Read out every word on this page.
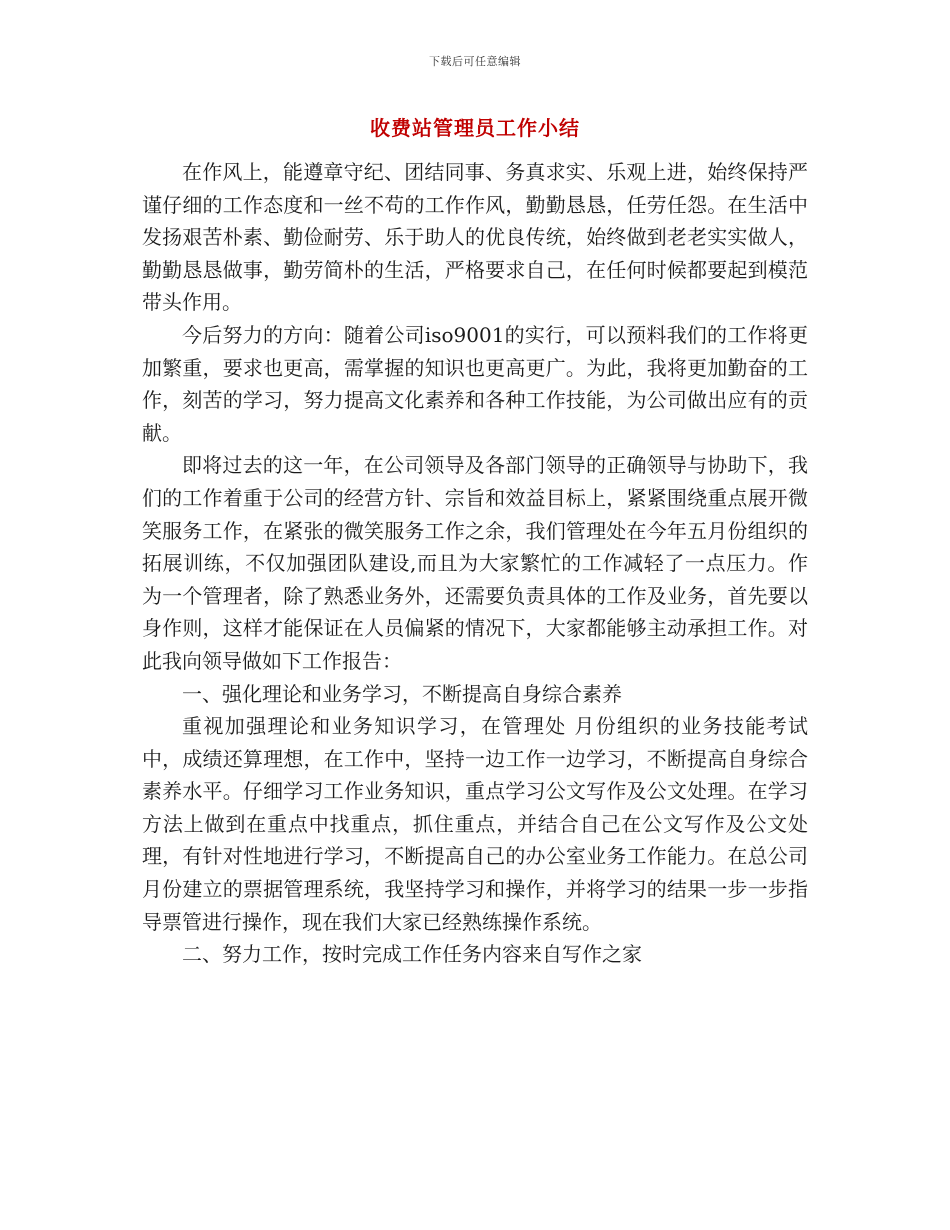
下载后可任意编辑
收费站管理员工作小结

在作风上，能遵章守纪、团结同事、务真求实、乐观上进，始终保持严谨仔细的工作态度和一丝不苟的工作作风，勤勤恳恳，任劳任怨。在生活中发扬艰苦朴素、勤俭耐劳、乐于助人的优良传统，始终做到老老实实做人，勤勤恳恳做事，勤劳简朴的生活，严格要求自己，在任何时候都要起到模范带头作用。

今后努力的方向：随着公司iso9001的实行，可以预料我们的工作将更加繁重，要求也更高，需掌握的知识也更高更广。为此，我将更加勤奋的工作，刻苦的学习，努力提高文化素养和各种工作技能，为公司做出应有的贡献。

即将过去的这一年，在公司领导及各部门领导的正确领导与协助下，我们的工作着重于公司的经营方针、宗旨和效益目标上，紧紧围绕重点展开微笑服务工作，在紧张的微笑服务工作之余，我们管理处在今年五月份组织的拓展训练，不仅加强团队建设,而且为大家繁忙的工作减轻了一点压力。作为一个管理者，除了熟悉业务外，还需要负责具体的工作及业务，首先要以身作则，这样才能保证在人员偏紧的情况下，大家都能够主动承担工作。对此我向领导做如下工作报告：

一、强化理论和业务学习，不断提高自身综合素养

重视加强理论和业务知识学习，在管理处 月份组织的业务技能考试中，成绩还算理想，在工作中，坚持一边工作一边学习，不断提高自身综合素养水平。仔细学习工作业务知识，重点学习公文写作及公文处理。在学习方法上做到在重点中找重点，抓住重点，并结合自己在公文写作及公文处理，有针对性地进行学习，不断提高自己的办公室业务工作能力。在总公司 月份建立的票据管理系统，我坚持学习和操作，并将学习的结果一步一步指导票管进行操作，现在我们大家已经熟练操作系统。

二、努力工作，按时完成工作任务内容来自写作之家
